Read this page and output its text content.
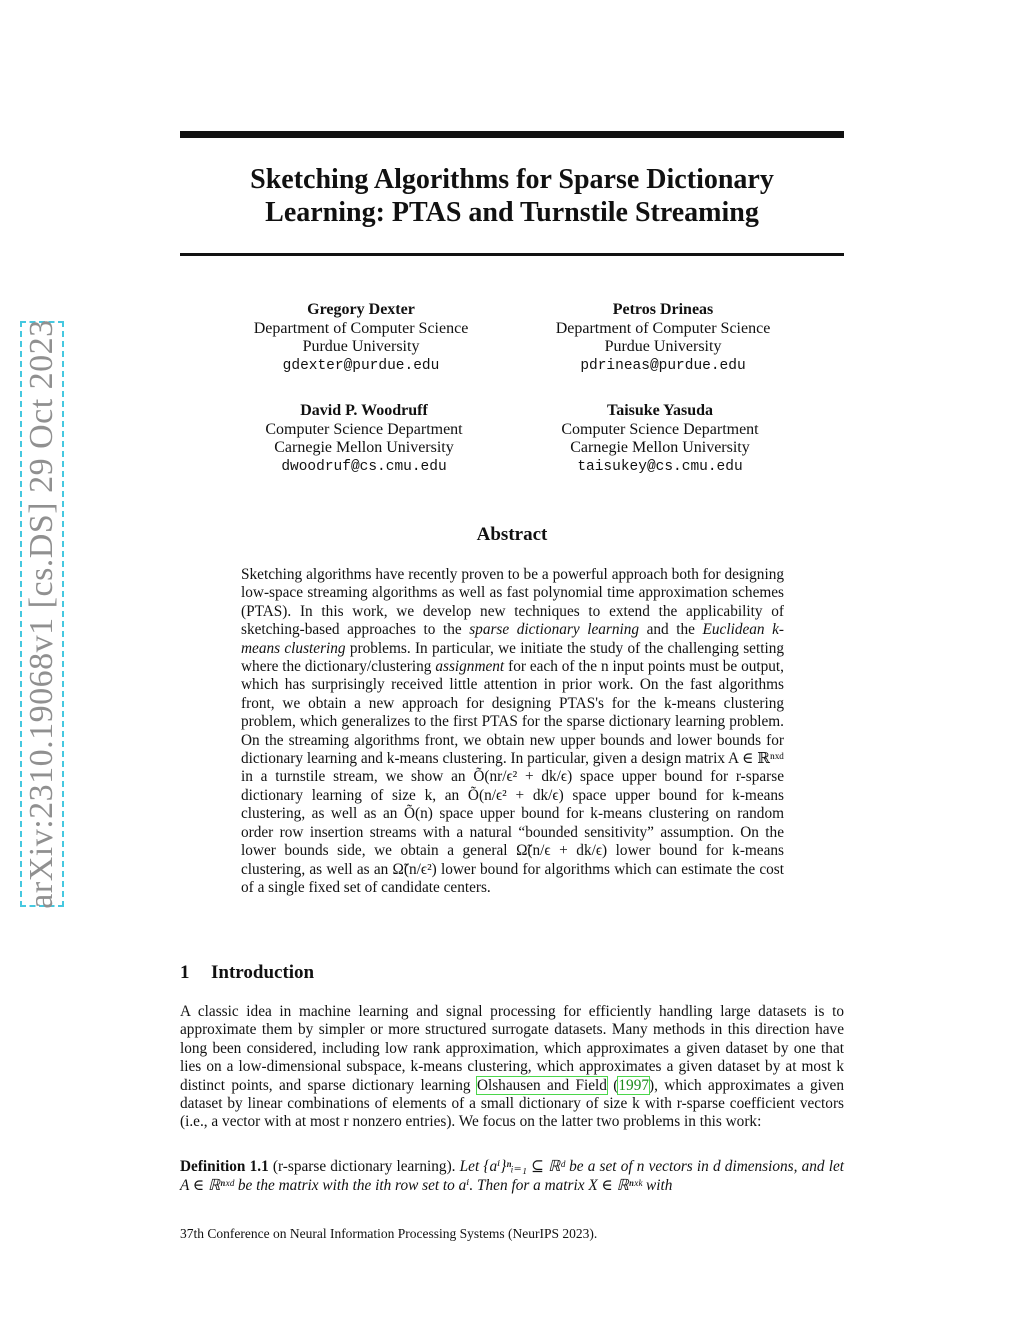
arXiv:2310.19068v1 [cs.DS] 29 Oct 2023
Sketching Algorithms for Sparse Dictionary
Learning: PTAS and Turnstile Streaming
Gregory Dexter
Department of Computer Science
Purdue University
gdexter@purdue.edu
Petros Drineas
Department of Computer Science
Purdue University
pdrineas@purdue.edu
David P. Woodruff
Computer Science Department
Carnegie Mellon University
dwoodruf@cs.cmu.edu
Taisuke Yasuda
Computer Science Department
Carnegie Mellon University
taisukey@cs.cmu.edu
Abstract
Sketching algorithms have recently proven to be a powerful approach both for designing low-space streaming algorithms as well as fast polynomial time approximation schemes (PTAS). In this work, we develop new techniques to extend the applicability of sketching-based approaches to the sparse dictionary learning and the Euclidean k-means clustering problems. In particular, we initiate the study of the challenging setting where the dictionary/clustering assignment for each of the n input points must be output, which has surprisingly received little attention in prior work. On the fast algorithms front, we obtain a new approach for designing PTAS's for the k-means clustering problem, which generalizes to the first PTAS for the sparse dictionary learning problem. On the streaming algorithms front, we obtain new upper bounds and lower bounds for dictionary learning and k-means clustering. In particular, given a design matrix A ∈ ℝⁿˣᵈ in a turnstile stream, we show an Õ(nr/ϵ² + dk/ϵ) space upper bound for r-sparse dictionary learning of size k, an Õ(n/ϵ² + dk/ϵ) space upper bound for k-means clustering, as well as an Õ(n) space upper bound for k-means clustering on random order row insertion streams with a natural “bounded sensitivity” assumption. On the lower bounds side, we obtain a general Ω̃(n/ϵ + dk/ϵ) lower bound for k-means clustering, as well as an Ω̃(n/ϵ²) lower bound for algorithms which can estimate the cost of a single fixed set of candidate centers.
1 Introduction
A classic idea in machine learning and signal processing for efficiently handling large datasets is to approximate them by simpler or more structured surrogate datasets. Many methods in this direction have long been considered, including low rank approximation, which approximates a given dataset by one that lies on a low-dimensional subspace, k-means clustering, which approximates a given dataset by at most k distinct points, and sparse dictionary learning Olshausen and Field (1997), which approximates a given dataset by linear combinations of elements of a small dictionary of size k with r-sparse coefficient vectors (i.e., a vector with at most r nonzero entries). We focus on the latter two problems in this work:
Definition 1.1 (r-sparse dictionary learning). Let {aⁱ}ⁿᵢ₌₁ ⊆ ℝᵈ be a set of n vectors in d dimensions, and let A ∈ ℝⁿˣᵈ be the matrix with the ith row set to aⁱ. Then for a matrix X ∈ ℝⁿˣᵏ with
37th Conference on Neural Information Processing Systems (NeurIPS 2023).
